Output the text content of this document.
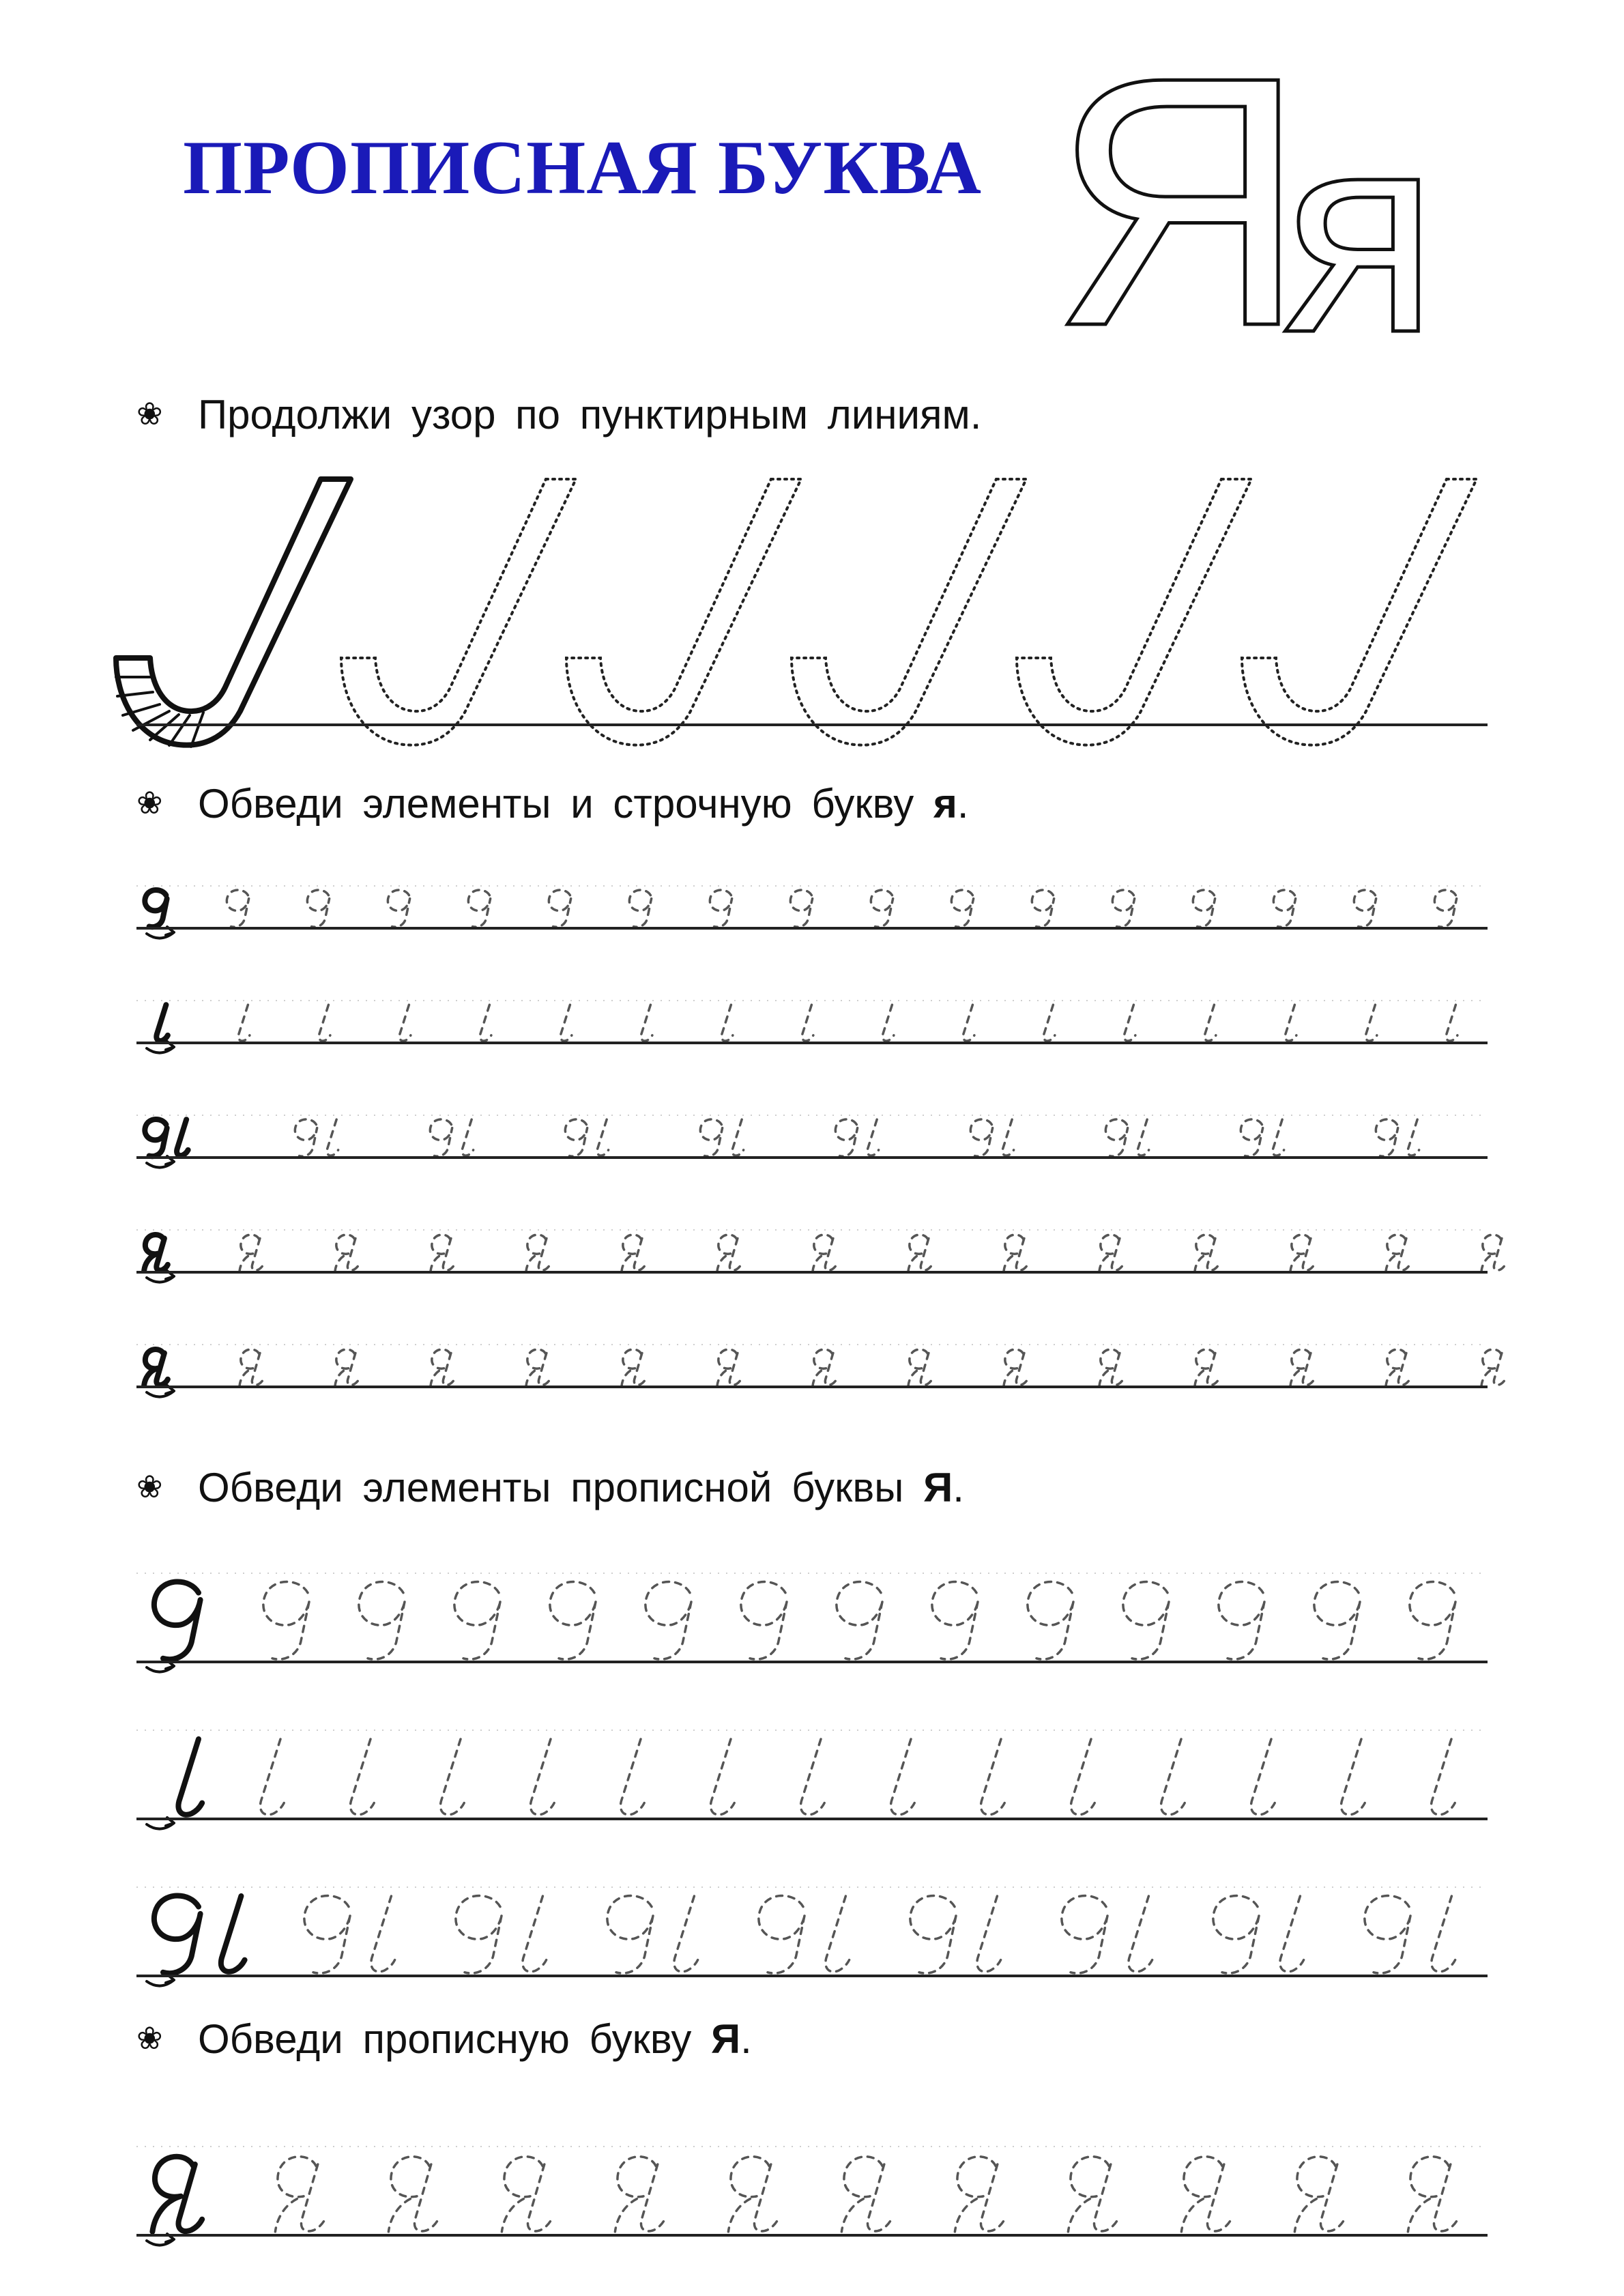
ПРОПИСНАЯ БУКВА Я
я
❀ Продолжи узор по пунктирным линиям.
❀ Обведи элементы и строчную букву я.
❀ Обведи элементы прописной буквы Я.
❀ Обведи прописную букву Я.
